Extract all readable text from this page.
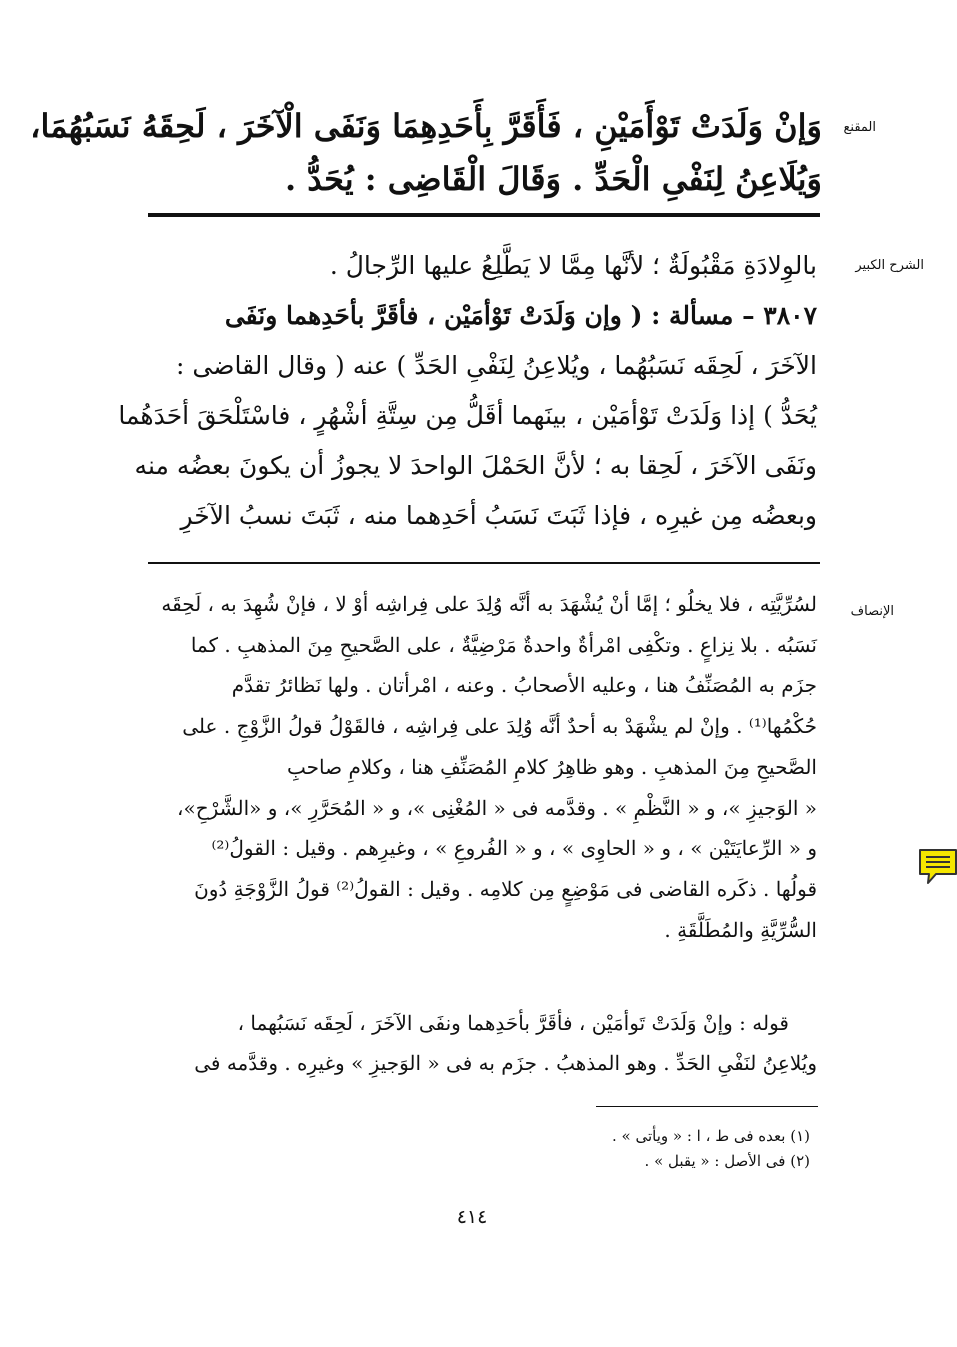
المقنع
وَإنْ وَلَدَتْ تَوْأَمَيْنِ ، فَأَقَرَّ بِأَحَدِهِمَا وَنَفَى الْآخَرَ ، لَحِقَهُ نَسَبُهُمَا،
وَيُلَاعِنُ لِنَفْىِ الْحَدِّ . وَقَالَ الْقَاضِى : يُحَدُّ .
الشرح الكبير
بالوِلادَةِ مَقْبُولَةٌ ؛ لأنَّها مِمَّا لا يَطَّلِعُ عليها الرِّجالُ .
٣٨٠٧ – مسألة : ( وإن وَلَدَتْ تَوْأمَيْن ، فأقَرَّ بأحَدِهما ونَفَى
الآخَرَ ، لَحِقَه نَسَبُهُما ، ويُلاعِنُ لِنَفْىِ الحَدِّ ) عنه ( وقال القاضى :
يُحَدُّ ) إذا وَلَدَتْ تَوْأمَيْن ، بينَهما أقَلُّ مِن سِتَّةِ أشْهُرٍ ، فاسْتَلْحَقَ أحَدَهُما
ونَفَى الآخَرَ ، لَحِقا به ؛ لأنَّ الحَمْلَ الواحدَ لا يجوزُ أن يكونَ بعضُه منه
وبعضُه مِن غيرِه ، فإذا ثَبَتَ نَسَبُ أحَدِهما منه ، ثَبَتَ نسبُ الآخَرِ
الإنصاف
لسُرِّيَّتِه ، فلا يخلُو ؛ إمَّا أنْ يُشْهَدَ به أنَّه وُلِدَ على فِراشِه أوْ لا ، فإنْ شُهِدَ به ، لَحِقَه
نَسَبُه . بلا نِزاعٍ . وتكْفِى امْرأةٌ واحدةٌ مَرْضِيَّةٌ ، على الصَّحيحِ مِنَ المذهبِ . كما
جزَم به المُصَنِّفُ هنا ، وعليه الأصحابُ . وعنه ، امْرأتان . ولها نَظائرُ تقدَّم
حُكْمُها⁽¹⁾ . وإنْ لم يشْهَدْ به أحدٌ أنَّه وُلِدَ على فِراشِه ، فالقَوْلُ قولُ الزَّوْجِ . على
الصَّحيحِ مِنَ المذهبِ . وهو ظاهِرُ كلامِ المُصَنِّفِ هنا ، وكلامِ صاحبِ
« الوَجيزِ »، و « النَّظْمِ » . وقدَّمه فى « المُغْنِى »، و « المُحَرَّرِ »، و «الشَّرْحِ»،
و « الرِّعايَتَيْن » ، و « الحاوِى » ، و « الفُروعِ » ، وغيرِهم . وقيل : القولُ⁽²⁾
قولُها . ذكَره القاضى فى مَوْضِعٍ مِن كلامِه . وقيل : القولُ⁽²⁾ قولُ الزَّوْجَةِ دُونَ
السُّرِّيَّةِ والمُطَلَّقَةِ .
قوله : وإنْ وَلَدَتْ تَوأمَيْن ، فأقَرَّ بأحَدِهما ونفَى الآخَرَ ، لَحِقَه نَسَبُهما ،
ويُلاعِنُ لنَفْىِ الحَدِّ . وهو المذهبُ . جزَم به فى « الوَجيزِ » وغيرِه . وقدَّمه فى
(١) بعده فى ط ، ا : « ويأتى » .
(٢) فى الأصل : « يقبل » .
٤١٤
